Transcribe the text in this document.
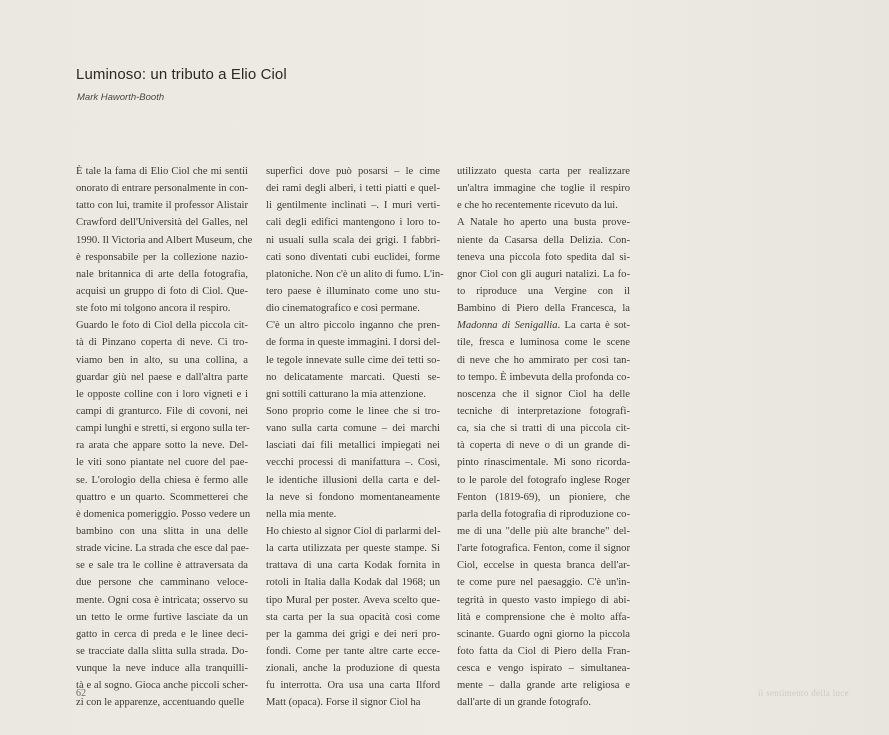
Luminoso: un tributo a Elio Ciol
Mark Haworth-Booth
È tale la fama di Elio Ciol che mi sentii
onorato di entrare personalmente in con-
tatto con lui, tramite il professor Alistair
Crawford dell'Università del Galles, nel
1990. Il Victoria and Albert Museum, che
è responsabile per la collezione nazio-
nale britannica di arte della fotografia,
acquisì un gruppo di foto di Ciol. Que-
ste foto mi tolgono ancora il respiro.
Guardo le foto di Ciol della piccola cit-
tà di Pinzano coperta di neve. Ci tro-
viamo ben in alto, su una collina, a
guardar giù nel paese e dall'altra parte
le opposte colline con i loro vigneti e i
campi di granturco. File di covoni, nei
campi lunghi e stretti, si ergono sulla ter-
ra arata che appare sotto la neve. Del-
le viti sono piantate nel cuore del pae-
se. L'orologio della chiesa è fermo alle
quattro e un quarto. Scommetterei che
è domenica pomeriggio. Posso vedere un
bambino con una slitta in una delle
strade vicine. La strada che esce dal pae-
se e sale tra le colline è attraversata da
due persone che camminano veloce-
mente. Ogni cosa è intricata; osservo su
un tetto le orme furtive lasciate da un
gatto in cerca di preda e le linee deci-
se tracciate dalla slitta sulla strada. Do-
vunque la neve induce alla tranquilli-
tà e al sogno. Gioca anche piccoli scher-
zi con le apparenze, accentuando quelle
superfici dove può posarsi – le cime
dei rami degli alberi, i tetti piatti e quel-
li gentilmente inclinati –. I muri verti-
cali degli edifici mantengono i loro to-
ni usuali sulla scala dei grigi. I fabbri-
cati sono diventati cubi euclidei, forme
platoniche. Non c'è un alito di fumo. L'in-
tero paese è illuminato come uno stu-
dio cinematografico e così permane.
C'è un altro piccolo inganno che pren-
de forma in queste immagini. I dorsi del-
le tegole innevate sulle cime dei tetti so-
no delicatamente marcati. Questi se-
gni sottili catturano la mia attenzione.
Sono proprio come le linee che si tro-
vano sulla carta comune – dei marchi
lasciati dai fili metallici impiegati nei
vecchi processi di manifattura –. Così,
le identiche illusioni della carta e del-
la neve si fondono momentaneamente
nella mia mente.
Ho chiesto al signor Ciol di parlarmi del-
la carta utilizzata per queste stampe. Si
trattava di una carta Kodak fornita in
rotoli in Italia dalla Kodak dal 1968; un
tipo Mural per poster. Aveva scelto que-
sta carta per la sua opacità così come
per la gamma dei grigi e dei neri pro-
fondi. Come per tante altre carte ecce-
zionali, anche la produzione di questa
fu interrotta. Ora usa una carta Ilford
Matt (opaca). Forse il signor Ciol ha
utilizzato questa carta per realizzare
un'altra immagine che toglie il respiro
e che ho recentemente ricevuto da lui.
A Natale ho aperto una busta prove-
niente da Casarsa della Delizia. Con-
teneva una piccola foto spedita dal si-
gnor Ciol con gli auguri natalizi. La fo-
to riproduce una Vergine con il
Bambino di Piero della Francesca, la
Madonna di Senigallia. La carta è sot-
tile, fresca e luminosa come le scene
di neve che ho ammirato per così tan-
to tempo. È imbevuta della profonda co-
noscenza che il signor Ciol ha delle
tecniche di interpretazione fotografi-
ca, sia che si tratti di una piccola cit-
tà coperta di neve o di un grande di-
pinto rinascimentale. Mi sono ricorda-
to le parole del fotografo inglese Roger
Fenton (1819-69), un pioniere, che
parla della fotografia di riproduzione co-
me di una "delle più alte branche" del-
l'arte fotografica. Fenton, come il signor
Ciol, eccelse in questa branca dell'ar-
te come pure nel paesaggio. C'è un'in-
tegrità in questo vasto impiego di abi-
lità e comprensione che è molto affa-
scinante. Guardo ogni giorno la piccola
foto fatta da Ciol di Piero della Fran-
cesca e vengo ispirato – simultanea-
mente – dalla grande arte religiosa e
dall'arte di un grande fotografo.
62	il sentimento della luce
